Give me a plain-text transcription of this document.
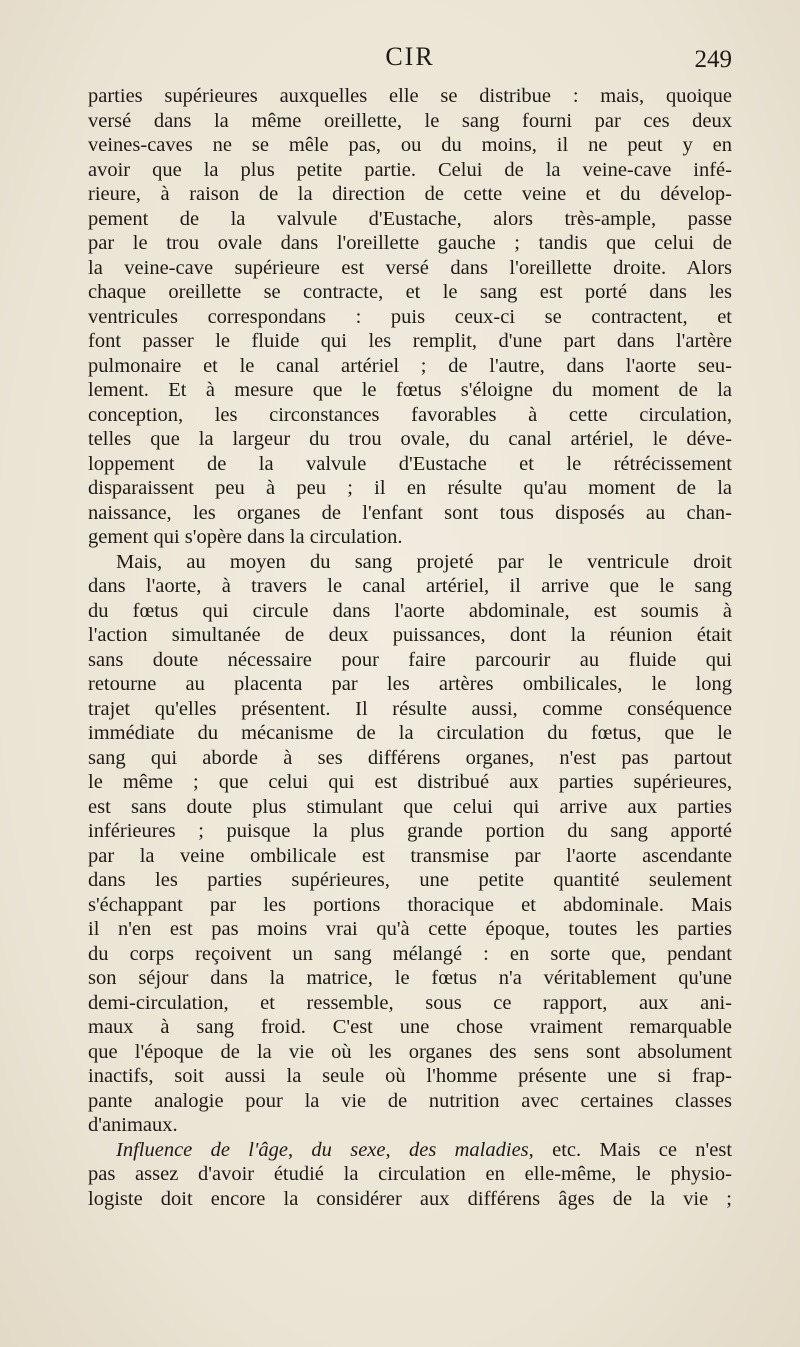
CIR	249
parties supérieures auxquelles elle se distribue : mais, quoique
versé dans la même oreillette, le sang fourni par ces deux
veines-caves ne se mêle pas, ou du moins, il ne peut y en
avoir que la plus petite partie. Celui de la veine-cave infé-
rieure, à raison de la direction de cette veine et du dévelop-
pement de la valvule d'Eustache, alors très-ample, passe
par le trou ovale dans l'oreillette gauche ; tandis que celui de
la veine-cave supérieure est versé dans l'oreillette droite. Alors
chaque oreillette se contracte, et le sang est porté dans les
ventricules correspondans : puis ceux-ci se contractent, et
font passer le fluide qui les remplit, d'une part dans l'artère
pulmonaire et le canal artériel ; de l'autre, dans l'aorte seu-
lement. Et à mesure que le fœtus s'éloigne du moment de la
conception, les circonstances favorables à cette circulation,
telles que la largeur du trou ovale, du canal artériel, le déve-
loppement de la valvule d'Eustache et le rétrécissement
disparaissent peu à peu ; il en résulte qu'au moment de la
naissance, les organes de l'enfant sont tous disposés au chan-
gement qui s'opère dans la circulation.
Mais, au moyen du sang projeté par le ventricule droit
dans l'aorte, à travers le canal artériel, il arrive que le sang
du fœtus qui circule dans l'aorte abdominale, est soumis à
l'action simultanée de deux puissances, dont la réunion était
sans doute nécessaire pour faire parcourir au fluide qui
retourne au placenta par les artères ombilicales, le long
trajet qu'elles présentent. Il résulte aussi, comme conséquence
immédiate du mécanisme de la circulation du fœtus, que le
sang qui aborde à ses différens organes, n'est pas partout
le même ; que celui qui est distribué aux parties supérieures,
est sans doute plus stimulant que celui qui arrive aux parties
inférieures ; puisque la plus grande portion du sang apporté
par la veine ombilicale est transmise par l'aorte ascendante
dans les parties supérieures, une petite quantité seulement
s'échappant par les portions thoracique et abdominale. Mais
il n'en est pas moins vrai qu'à cette époque, toutes les parties
du corps reçoivent un sang mélangé : en sorte que, pendant
son séjour dans la matrice, le fœtus n'a véritablement qu'une
demi-circulation, et ressemble, sous ce rapport, aux ani-
maux à sang froid. C'est une chose vraiment remarquable
que l'époque de la vie où les organes des sens sont absolument
inactifs, soit aussi la seule où l'homme présente une si frap-
pante analogie pour la vie de nutrition avec certaines classes
d'animaux.
Influence de l'âge, du sexe, des maladies, etc. Mais ce n'est
pas assez d'avoir étudié la circulation en elle-même, le physio-
logiste doit encore la considérer aux différens âges de la vie ;
